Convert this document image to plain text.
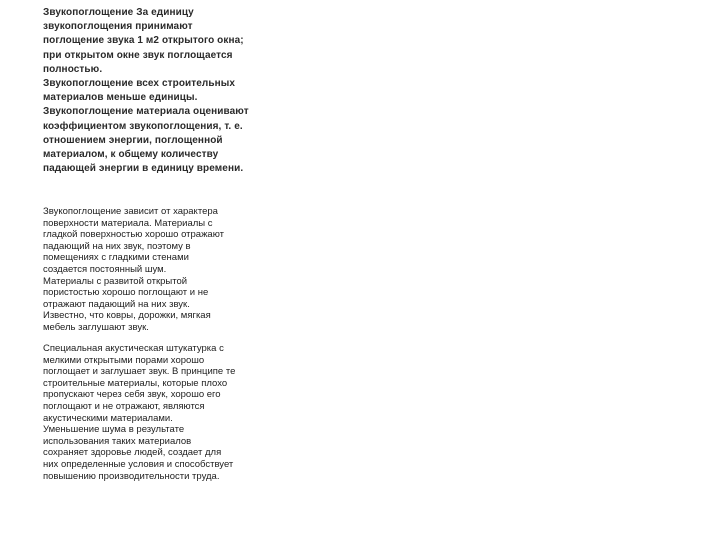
Звукопоглощение За единицу
звукопоглощения принимают
поглощение звука 1 м2 открытого окна;
при открытом окне звук поглощается
полностью.
Звукопоглощение всех строительных
материалов меньше единицы.
Звукопоглощение материала оценивают
коэффициентом звукопоглощения, т. е.
отношением энергии, поглощенной
материалом, к общему количеству
падающей энергии в единицу времени.

Звукопоглощение зависит от характера
поверхности материала. Материалы с
гладкой поверхностью хорошо отражают
падающий на них звук, поэтому в
помещениях с гладкими стенами
создается постоянный шум.
Материалы с развитой открытой
пористостью хорошо поглощают и не
отражают падающий на них звук.
Известно, что ковры, дорожки, мягкая
мебель заглушают звук.

Специальная акустическая штукатурка с
мелкими открытыми порами хорошо
поглощает и заглушает звук. В принципе те
строительные материалы, которые плохо
пропускают через себя звук, хорошо его
поглощают и не отражают, являются
акустическими материалами.
Уменьшение шума в результате
использования таких материалов
сохраняет здоровье людей, создает для
них определенные условия и способствует
повышению производительности труда.
